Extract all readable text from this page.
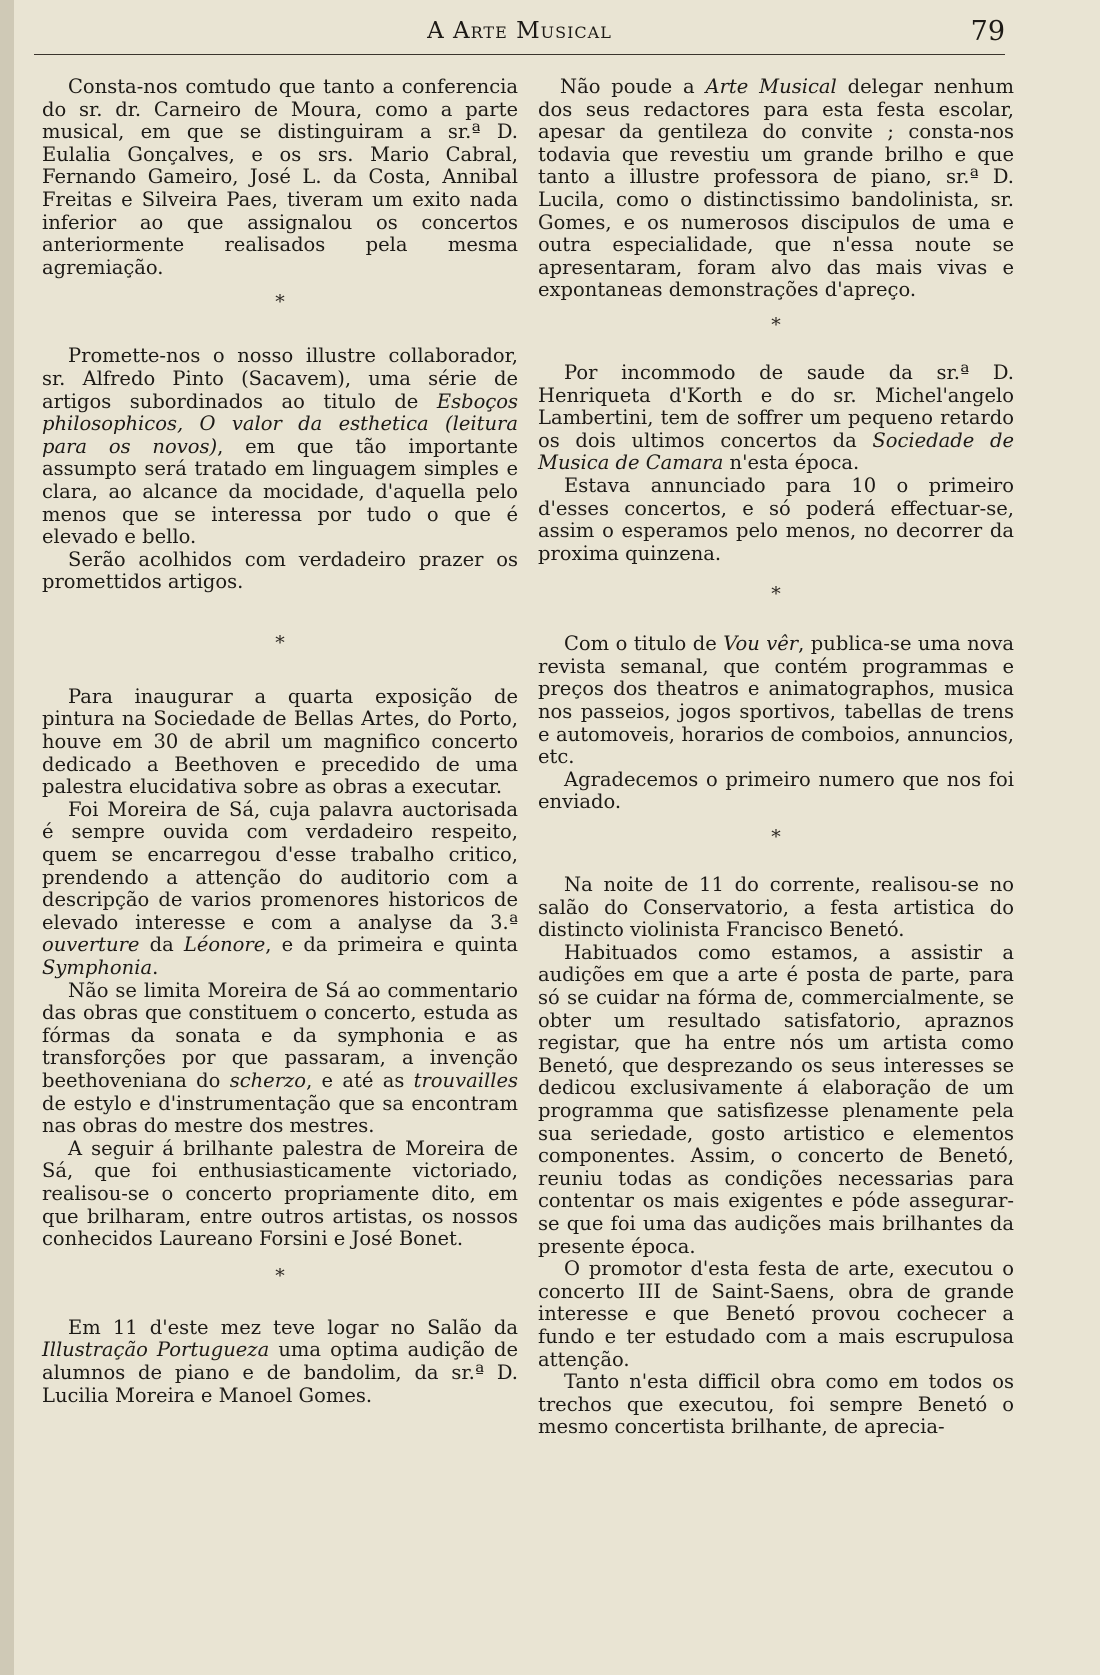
A Arte Musical	79

Consta-nos comtudo que tanto a conferencia do sr. dr. Carneiro de Moura, como a parte musical, em que se distinguiram a sr.ª D. Eulalia Gonçalves, e os srs. Mario Cabral, Fernando Gameiro, José L. da Costa, Annibal Freitas e Silveira Paes, tiveram um exito nada inferior ao que assignalou os concertos anteriormente realisados pela mesma agremiação.

*

Promette-nos o nosso illustre collaborador, sr. Alfredo Pinto (Sacavem), uma série de artigos subordinados ao titulo de Esboços philosophicos, O valor da esthetica (leitura para os novos), em que tão importante assumpto será tratado em linguagem simples e clara, ao alcance da mocidade, d'aquella pelo menos que se interessa por tudo o que é elevado e bello.

Serão acolhidos com verdadeiro prazer os promettidos artigos.

*

Para inaugurar a quarta exposição de pintura na Sociedade de Bellas Artes, do Porto, houve em 30 de abril um magnifico concerto dedicado a Beethoven e precedido de uma palestra elucidativa sobre as obras a executar.

Foi Moreira de Sá, cuja palavra auctorisada é sempre ouvida com verdadeiro respeito, quem se encarregou d'esse trabalho critico, prendendo a attenção do auditorio com a descripção de varios promenores historicos de elevado interesse e com a analyse da 3.ª ouverture da Léonore, e da primeira e quinta Symphonia.

Não se limita Moreira de Sá ao commentario das obras que constituem o concerto, estuda as fórmas da sonata e da symphonia e as transforções por que passaram, a invenção beethoveniana do scherzo, e até as trouvailles de estylo e d'instrumentação que sa encontram nas obras do mestre dos mestres.

A seguir á brilhante palestra de Moreira de Sá, que foi enthusiasticamente victoriado, realisou-se o concerto propriamente dito, em que brilharam, entre outros artistas, os nossos conhecidos Laureano Forsini e José Bonet.

*

Em 11 d'este mez teve logar no Salão da Illustração Portugueza uma optima audição de alumnos de piano e de bandolim, da sr.ª D. Lucilia Moreira e Manoel Gomes.

Não poude a Arte Musical delegar nenhum dos seus redactores para esta festa escolar, apesar da gentileza do convite ; consta-nos todavia que revestiu um grande brilho e que tanto a illustre professora de piano, sr.ª D. Lucila, como o distinctissimo bandolinista, sr. Gomes, e os numerosos discipulos de uma e outra especialidade, que n'essa noute se apresentaram, foram alvo das mais vivas e expontaneas demonstrações d'apreço.

*

Por incommodo de saude da sr.ª D. Henriqueta d'Korth e do sr. Michel'angelo Lambertini, tem de soffrer um pequeno retardo os dois ultimos concertos da Sociedade de Musica de Camara n'esta época.

Estava annunciado para 10 o primeiro d'esses concertos, e só poderá effectuar-se, assim o esperamos pelo menos, no decorrer da proxima quinzena.

*

Com o titulo de Vou vêr, publica-se uma nova revista semanal, que contém programmas e preços dos theatros e animatographos, musica nos passeios, jogos sportivos, tabellas de trens e automoveis, horarios de comboios, annuncios, etc.

Agradecemos o primeiro numero que nos foi enviado.

*

Na noite de 11 do corrente, realisou-se no salão do Conservatorio, a festa artistica do distincto violinista Francisco Benetó.

Habituados como estamos, a assistir a audições em que a arte é posta de parte, para só se cuidar na fórma de, commercialmente, se obter um resultado satisfatorio, apraznos registar, que ha entre nós um artista como Benetó, que desprezando os seus interesses se dedicou exclusivamente á elaboração de um programma que satisfizesse plenamente pela sua seriedade, gosto artistico e elementos componentes. Assim, o concerto de Benetó, reuniu todas as condições necessarias para contentar os mais exigentes e póde assegurar-se que foi uma das audições mais brilhantes da presente época.

O promotor d'esta festa de arte, executou o concerto III de Saint-Saens, obra de grande interesse e que Benetó provou cochecer a fundo e ter estudado com a mais escrupulosa attenção.

Tanto n'esta difficil obra como em todos os trechos que executou, foi sempre Benetó o mesmo concertista brilhante, de aprecia-
